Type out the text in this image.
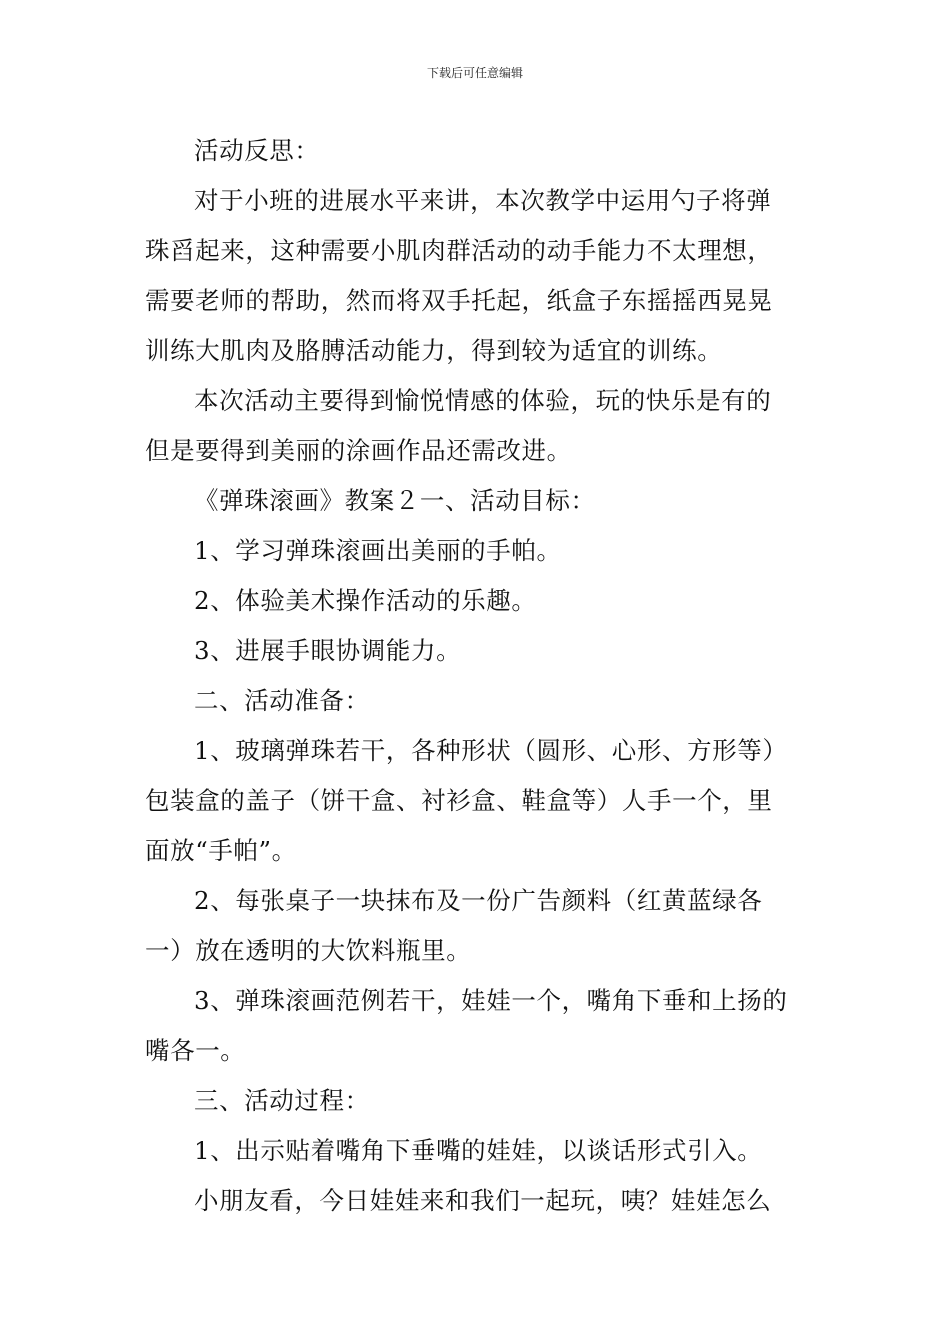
下载后可任意编辑

活动反思：

对于小班的进展水平来讲，本次教学中运用勺子将弹
珠舀起来，这种需要小肌肉群活动的动手能力不太理想，
需要老师的帮助，然而将双手托起，纸盒子东摇摇西晃晃
训练大肌肉及胳膊活动能力，得到较为适宜的训练。

本次活动主要得到愉悦情感的体验，玩的快乐是有的
但是要得到美丽的涂画作品还需改进。

《弹珠滚画》教案２一、活动目标：

1、学习弹珠滚画出美丽的手帕。

2、体验美术操作活动的乐趣。

3、进展手眼协调能力。

二、活动准备：

1、玻璃弹珠若干，各种形状（圆形、心形、方形等）
包装盒的盖子（饼干盒、衬衫盒、鞋盒等）人手一个，里
面放“手帕”。

2、每张桌子一块抹布及一份广告颜料（红黄蓝绿各
一）放在透明的大饮料瓶里。

3、弹珠滚画范例若干，娃娃一个，嘴角下垂和上扬的
嘴各一。

三、活动过程：

1、出示贴着嘴角下垂嘴的娃娃，以谈话形式引入。

小朋友看，今日娃娃来和我们一起玩，咦？娃娃怎么
